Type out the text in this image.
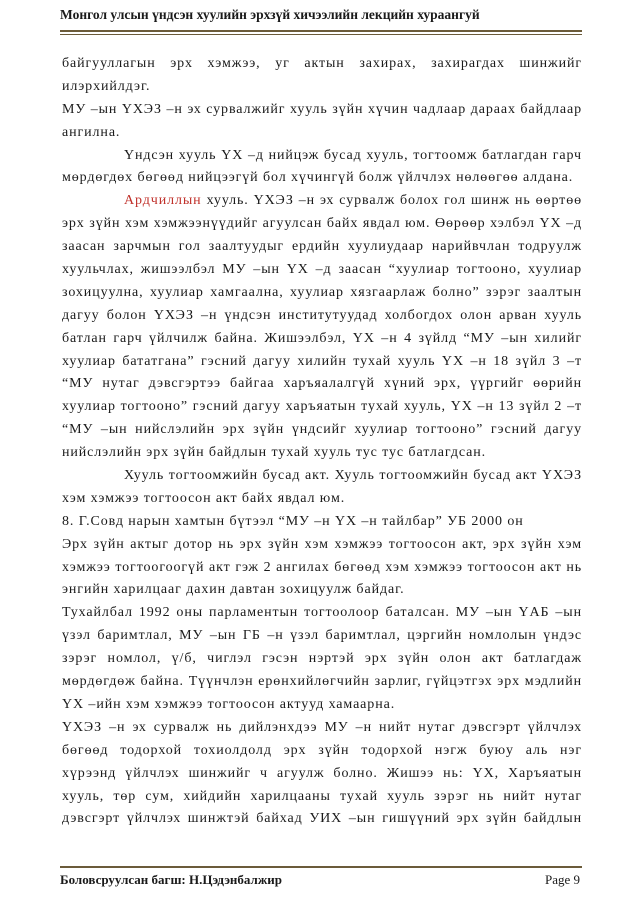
Монгол улсын үндсэн хуулийн эрхзүй хичээлийн лекцийн хураангуй
байгууллагын эрх хэмжээ, уг актын захирах, захирагдах шинжийг
илэрхийлдэг.
МУ –ын ҮХЭЗ –н эх сурвалжийг хууль зүйн хүчин чадлаар дараах байдлаар
ангилна.
Үндсэн хууль ҮХ –д нийцэж бусад хууль, тогтоомж батлагдан гарч
мөрдөгдөх бөгөөд нийцээгүй бол хүчингүй болж үйлчлэх нөлөөгөө алдана.
Ардчиллын хууль. ҮХЭЗ –н эх сурвалж болох гол шинж нь өөртөө
эрх зүйн хэм хэмжээнүүдийг агуулсан байх явдал юм. Өөрөөр хэлбэл ҮХ –д
заасан зарчмын гол заалтуудыг ердийн хуулиудаар нарийвчлан тодруулж
хуульчлах, жишээлбэл МУ –ын ҮХ –д заасан “хуулиар тогтооно, хуулиар
зохицуулна, хуулиар хамгаална, хуулиар хязгаарлаж болно” зэрэг заалтын
дагуу болон ҮХЭЗ –н үндсэн институтуудад холбогдох олон арван хууль
батлан гарч үйлчилж байна. Жишээлбэл, ҮХ –н 4 зүйлд “МУ –ын хилийг
хуулиар бататгана” гэсний дагуу хилийн тухай хууль ҮХ –н 18 зүйл 3 –т
“МУ нутаг дэвсгэртээ байгаа харъяалалгүй хүний эрх, үүргийг өөрийн
хуулиар тогтооно” гэсний дагуу харъяатын тухай хууль, ҮХ –н 13 зүйл 2 –т
“МУ –ын нийслэлийн эрх зүйн үндсийг хуулиар тогтооно” гэсний дагуу
нийслэлийн эрх зүйн байдлын тухай хууль тус тус батлагдсан.
Хууль тогтоомжийн бусад акт. Хууль тогтоомжийн бусад акт ҮХЭЗ
хэм хэмжээ тогтоосон акт байх явдал юм.
8. Г.Совд нарын хамтын бүтээл “МУ –н ҮХ –н тайлбар” УБ 2000 он
Эрх зүйн актыг дотор нь эрх зүйн хэм хэмжээ тогтоосон акт, эрх зүйн хэм
хэмжээ тогтоогоогүй акт гэж 2 ангилах бөгөөд хэм хэмжээ тогтоосон акт нь
энгийн харилцааг дахин давтан зохицуулж байдаг.
Тухайлбал 1992 оны парламентын тогтоолоор баталсан. МУ –ын ҮАБ –ын
үзэл баримтлал, МУ –ын ГБ –н үзэл баримтлал, цэргийн номлолын үндэс
зэрэг номлол, ү/б, чиглэл гэсэн нэртэй эрх зүйн олон акт батлагдаж
мөрдөгдөж байна. Түүнчлэн ерөнхийлөгчийн зарлиг, гүйцэтгэх эрх мэдлийн
ҮХ –ийн хэм хэмжээ тогтоосон актууд хамаарна.
ҮХЭЗ –н эх сурвалж нь дийлэнхдээ МУ –н нийт нутаг дэвсгэрт үйлчлэх
бөгөөд тодорхой тохиолдолд эрх зүйн тодорхой нэгж буюу аль нэг
хүрээнд үйлчлэх шинжийг ч агуулж болно. Жишээ нь: ҮХ, Харъяатын
хууль, төр сум, хийдийн харилцааны тухай хууль зэрэг нь нийт нутаг
дэвсгэрт үйлчлэх шинжтэй байхад УИХ –ын гишүүний эрх зүйн байдлын
Боловсруулсан багш: Н.Цэдэнбалжир	Page 9
